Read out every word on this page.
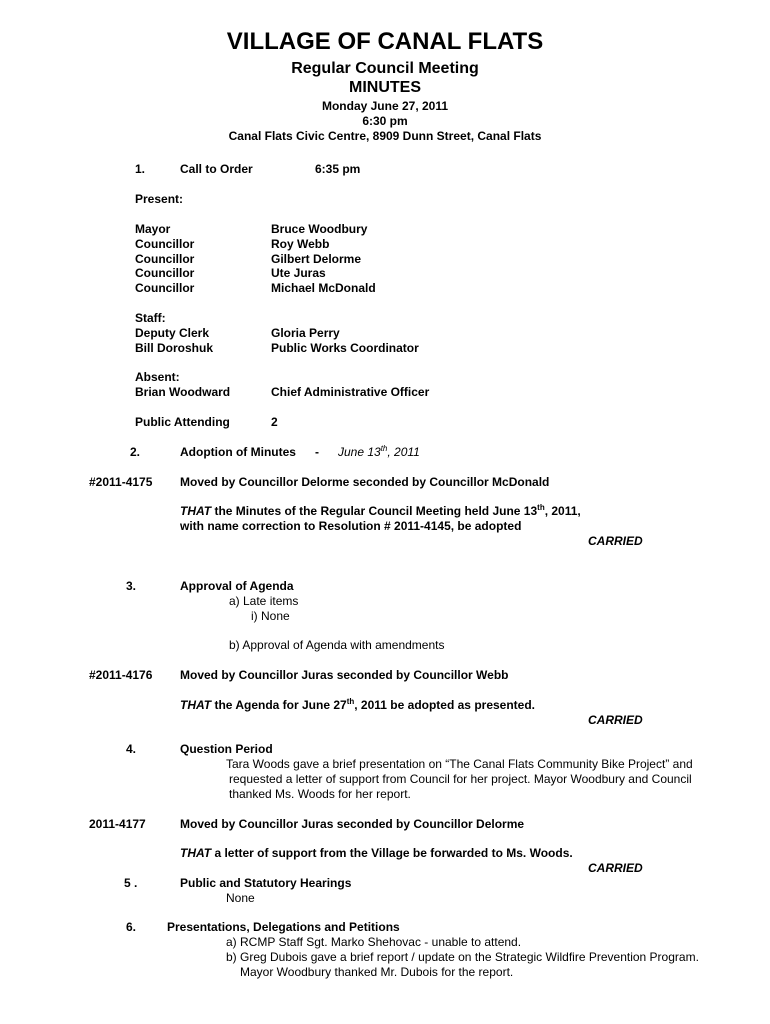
VILLAGE OF CANAL FLATS
Regular Council Meeting
MINUTES
Monday June 27, 2011
6:30 pm
Canal Flats Civic Centre, 8909 Dunn Street, Canal Flats
1.	Call to Order	6:35 pm
Present:
Mayor	Bruce Woodbury
Councillor	Roy Webb
Councillor	Gilbert Delorme
Councillor	Ute Juras
Councillor	Michael McDonald
Staff:
Deputy Clerk	Gloria Perry
Bill Doroshuk	Public Works Coordinator
Absent:
Brian Woodward	Chief Administrative Officer
Public Attending	2
2.	Adoption of Minutes - June 13th, 2011
#2011-4175 Moved by Councillor Delorme seconded by Councillor McDonald
THAT the Minutes of the Regular Council Meeting held June 13th, 2011,
with name correction to Resolution # 2011-4145, be adopted
CARRIED
3.	Approval of Agenda
a) Late items
i) None
b) Approval of Agenda with amendments
#2011-4176 Moved by Councillor Juras seconded by Councillor Webb
THAT the Agenda for June 27th, 2011 be adopted as presented.
CARRIED
4.	Question Period
Tara Woods gave a brief presentation on “The Canal Flats Community Bike Project” and
requested a letter of support from Council for her project. Mayor Woodbury and Council
thanked Ms. Woods for her report.
2011-4177	Moved by Councillor Juras seconded by Councillor Delorme
THAT a letter of support from the Village be forwarded to Ms. Woods.
CARRIED
5 .	Public and Statutory Hearings
None
6.	Presentations, Delegations and Petitions
a) RCMP Staff Sgt. Marko Shehovac - unable to attend.
b) Greg Dubois gave a brief report / update on the Strategic Wildfire Prevention Program.
Mayor Woodbury thanked Mr. Dubois for the report.
